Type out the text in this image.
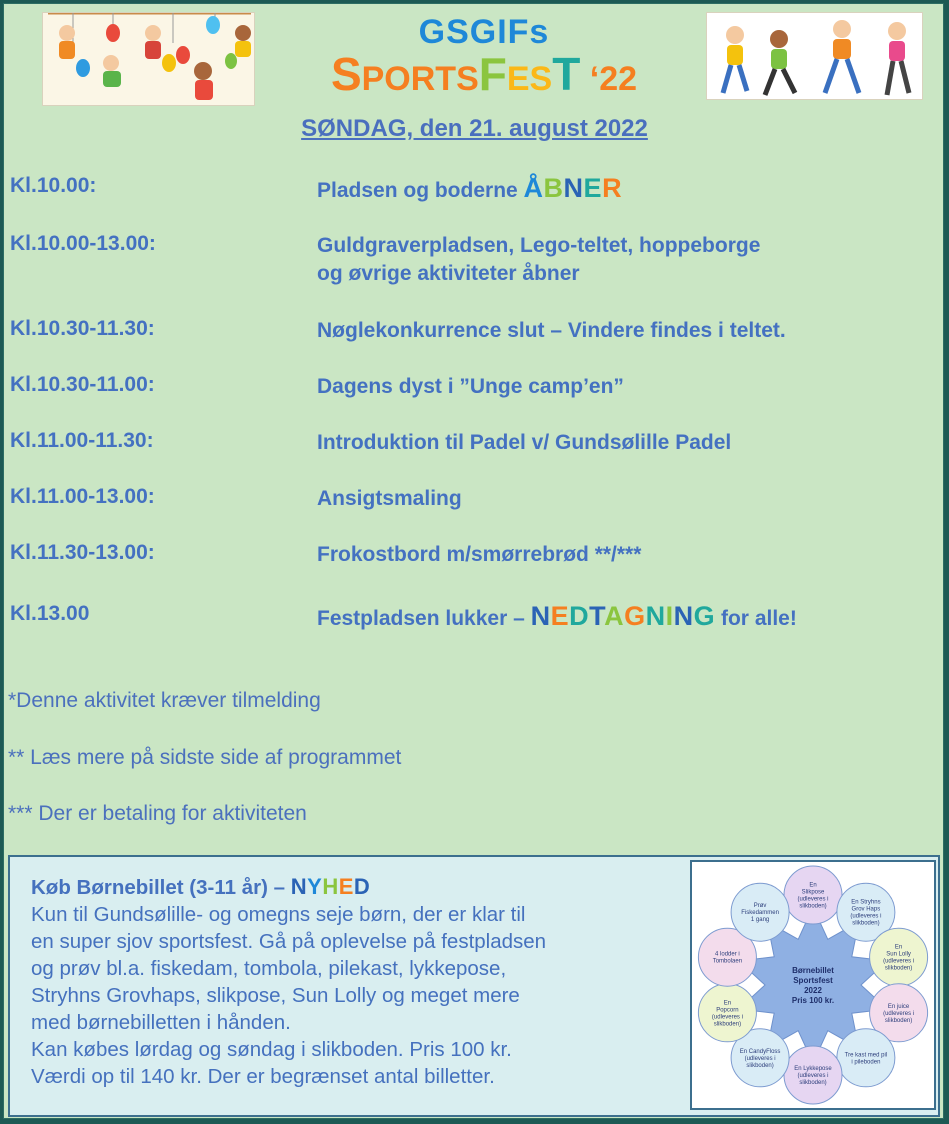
GSGIFs
SPORTSFEST ‘22
SØNDAG, den 21. august 2022
Kl.10.00:	Pladsen og boderne ÅBNER
Kl.10.00-13.00:	Guldgraverpladsen, Lego-teltet, hoppeborge
og øvrige aktiviteter åbner
Kl.10.30-11.30:	Nøglekonkurrence slut – Vindere findes i teltet.
Kl.10.30-11.00:	Dagens dyst i ”Unge camp’en”
Kl.11.00-11.30:	Introduktion til Padel v/ Gundsølille Padel
Kl.11.00-13.00:	Ansigtsmaling
Kl.11.30-13.00:	Frokostbord m/smørrebrød **/***
Kl.13.00	Festpladsen lukker – NEDTAGNING for alle!
*Denne aktivitet kræver tilmelding
** Læs mere på sidste side af programmet
*** Der er betaling for aktiviteten
Køb Børnebillet (3-11 år) – NYHED
Kun til Gundsølille- og omegns seje børn, der er klar til
en super sjov sportsfest. Gå på oplevelse på festpladsen
og prøv bl.a. fiskedam, tombola, pilekast, lykkepose,
Stryhns Grovhaps, slikpose, Sun Lolly og meget mere
med børnebilletten i hånden.
Kan købes lørdag og søndag i slikboden. Pris 100 kr.
Værdi op til 140 kr. Der er begrænset antal billetter.
En
Slikpose
(udleveres i
slikboden)
En Stryhns
Grov Haps
(udleveres i
slikboden)
En
Sun Lolly
(udleveres i
slikboden)
En juice
(udleveres i
slikboden)
Tre kast med pil
i pileboden
En Lykkepose
(udleveres i
slikboden)
En CandyFloss
(udleveres i
slikboden)
En
Popcorn
(udleveres i
slikboden)
4 lodder i
Tombolaen
Prøv
Fiskedammen
1 gang
Børnebillet
Sportsfest
2022
Pris 100 kr.
